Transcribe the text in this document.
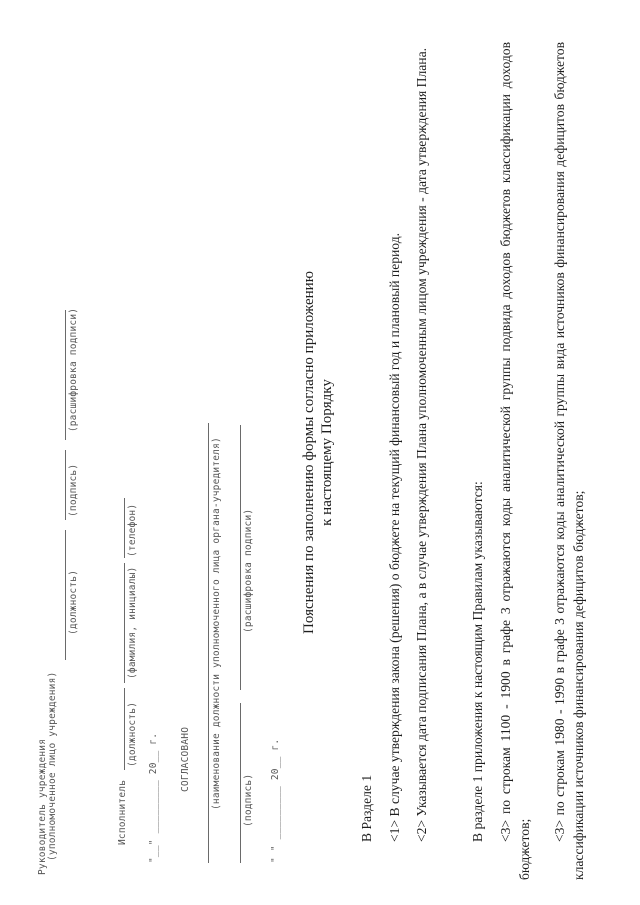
Руководитель учреждения (уполномоченное лицо учреждения)
(должность)
(подпись)
(расшифровка подписи)
Исполнитель
(должность)
(фамилия, инициалы)
(телефон)
"__" _________ 20__ г. СОГЛАСОВАНО (наименование должности уполномоченного лица органа-учредителя) (подпись)
(расшифровка подписи)
" " _________ 20__ г.
Пояснения по заполнению формы согласно приложению к настоящему Порядку
В Разделе 1 <1> В случае утверждения закона (решения) о бюджете на текущий финансовый год и плановый период. <2> Указывается дата подписания Плана, а в случае утверждения Плана уполномоченным лицом учреждения - дата утверждения Плана.	В разделе 1 приложения к настоящим Правилам указываются: <3> по строкам 1100 - 1900 в графе 3 отражаются коды аналитической группы подвида доходов бюджетов классификации доходов бюджетов;
<3> по строкам 1980 - 1990 в графе 3 отражаются коды аналитической группы вида источников финансирования дефицитов бюджетов классификации источников финансирования дефицитов бюджетов;
